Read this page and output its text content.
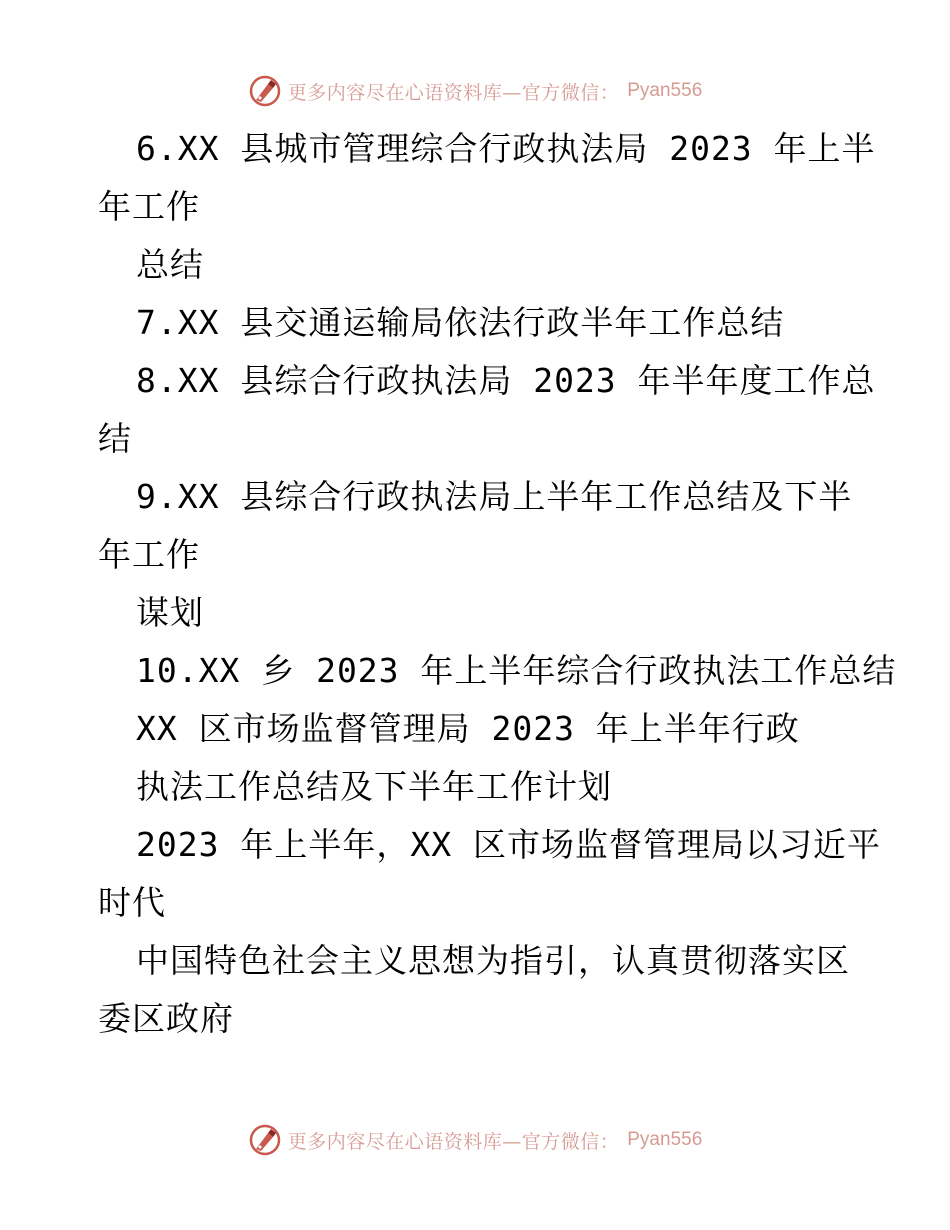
更多内容尽在心语资料库—官方微信： Pyan556
6.XX 县城市管理综合行政执法局 2023 年上半
年工作
总结
7.XX 县交通运输局依法行政半年工作总结
8.XX 县综合行政执法局 2023 年半年度工作总
结
9.XX 县综合行政执法局上半年工作总结及下半
年工作
谋划
10.XX 乡 2023 年上半年综合行政执法工作总结
XX 区市场监督管理局 2023 年上半年行政
执法工作总结及下半年工作计划
2023 年上半年，XX 区市场监督管理局以习近平
时代
中国特色社会主义思想为指引，认真贯彻落实区
委区政府
更多内容尽在心语资料库—官方微信： Pyan556
